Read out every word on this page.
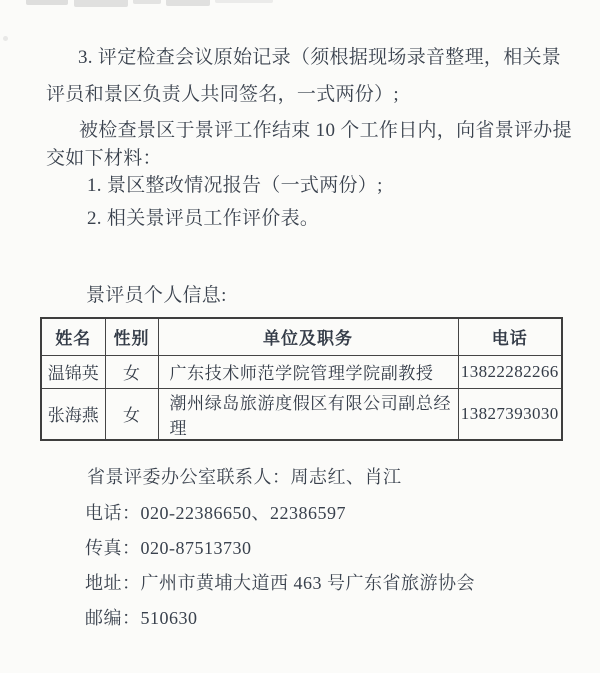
3. 评定检查会议原始记录（须根据现场录音整理，相关景

评员和景区负责人共同签名，一式两份）;

被检查景区于景评工作结束 10 个工作日内，向省景评办提

交如下材料：

1. 景区整改情况报告（一式两份）;

2. 相关景评员工作评价表。

景评员个人信息:

姓名	性别	单位及职务	电话
温锦英	女	广东技术师范学院管理学院副教授	13822282266
张海燕	女	潮州绿岛旅游度假区有限公司副总经理	13827393030

省景评委办公室联系人：周志红、肖江

电话：020-22386650、22386597

传真：020-87513730

地址：广州市黄埔大道西 463 号广东省旅游协会

邮编：510630
